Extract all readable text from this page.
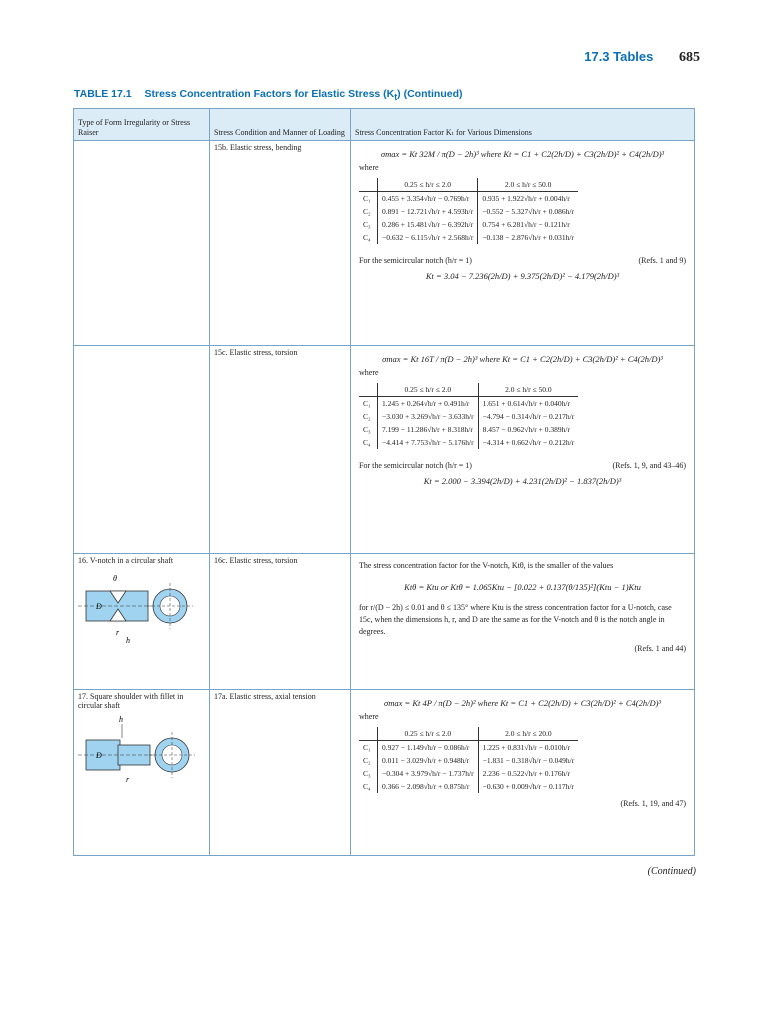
17.3 Tables 685
TABLE 17.1 Stress Concentration Factors for Elastic Stress $(K_t)$ (Continued)
Type of Form Irregularity or Stress Raiser	Stress Condition and Manner of Loading	Stress Concentration Factor Kₜ for Various Dimensions
	15b. Elastic stress, bending	
σmax = Kt 32M / π(D − 2h)³ where Kt = C1 + C2(2h/D) + C3(2h/D)² + C4(2h/D)³
where
	0.25 ≤ h/r ≤ 2.0	2.0 ≤ h/r ≤ 50.0
C₁	0.455 + 3.354√h/r − 0.769h/r	0.935 + 1.922√h/r + 0.004h/r
C₂	0.891 − 12.721√h/r + 4.593h/r	−0.552 − 5.327√h/r + 0.086h/r
C₃	0.286 + 15.481√h/r − 6.392h/r	0.754 + 6.281√h/r − 0.121h/r
C₄	−0.632 − 6.115√h/r + 2.568h/r	−0.138 − 2.876√h/r + 0.031h/r
For the semicircular notch (h/r = 1)	(Refs. 1 and 9)
Kt = 3.04 − 7.236(2h/D) + 9.375(2h/D)² − 4.179(2h/D)³

	15c. Elastic stress, torsion	
σmax = Kt 16T / π(D − 2h)³ where Kt = C1 + C2(2h/D) + C3(2h/D)² + C4(2h/D)³
where
	0.25 ≤ h/r ≤ 2.0	2.0 ≤ h/r ≤ 50.0
C₁	1.245 + 0.264√h/r + 0.491h/r	1.651 + 0.614√h/r + 0.040h/r
C₂	−3.030 + 3.269√h/r − 3.633h/r	−4.794 − 0.314√h/r − 0.217h/r
C₃	7.199 − 11.286√h/r + 8.318h/r	8.457 − 0.962√h/r + 0.389h/r
C₄	−4.414 + 7.753√h/r − 5.176h/r	−4.314 + 0.662√h/r − 0.212h/r
For the semicircular notch (h/r = 1)	(Refs. 1, 9, and 43–46)
Kt = 2.000 − 3.394(2h/D) + 4.231(2h/D)² − 1.837(2h/D)³

16. V-notch in a circular shaft
D
θ
r
h
	16c. Elastic stress, torsion	
The stress concentration factor for the V-notch, Ktθ, is the smaller of the values
Ktθ = Ktu or Ktθ = 1.065Ktu − [0.022 + 0.137(θ/135)²](Ktu − 1)Ktu
for r/(D − 2h) ≤ 0.01 and θ ≤ 135° where Ktu is the stress concentration factor for a U-notch, case 15c, when the dimensions h, r, and D are the same as for the V-notch and θ is the notch angle in degrees.
(Refs. 1 and 44)

17. Square shoulder with fillet in circular shaft
h
D
r
	17a. Elastic stress, axial tension	
σmax = Kt 4P / π(D − 2h)² where Kt = C1 + C2(2h/D) + C3(2h/D)² + C4(2h/D)³
where
	0.25 ≤ h/r ≤ 2.0	2.0 ≤ h/r ≤ 20.0
C₁	0.927 − 1.149√h/r − 0.086h/r	1.225 + 0.831√h/r − 0.010h/r
C₂	0.011 − 3.029√h/r + 0.948h/r	−1.831 − 0.318√h/r − 0.049h/r
C₃	−0.304 + 3.979√h/r − 1.737h/r	2.236 − 0.522√h/r + 0.176h/r
C₄	0.366 − 2.098√h/r + 0.875h/r	−0.630 + 0.009√h/r − 0.117h/r
(Refs. 1, 19, and 47)
(Continued)
